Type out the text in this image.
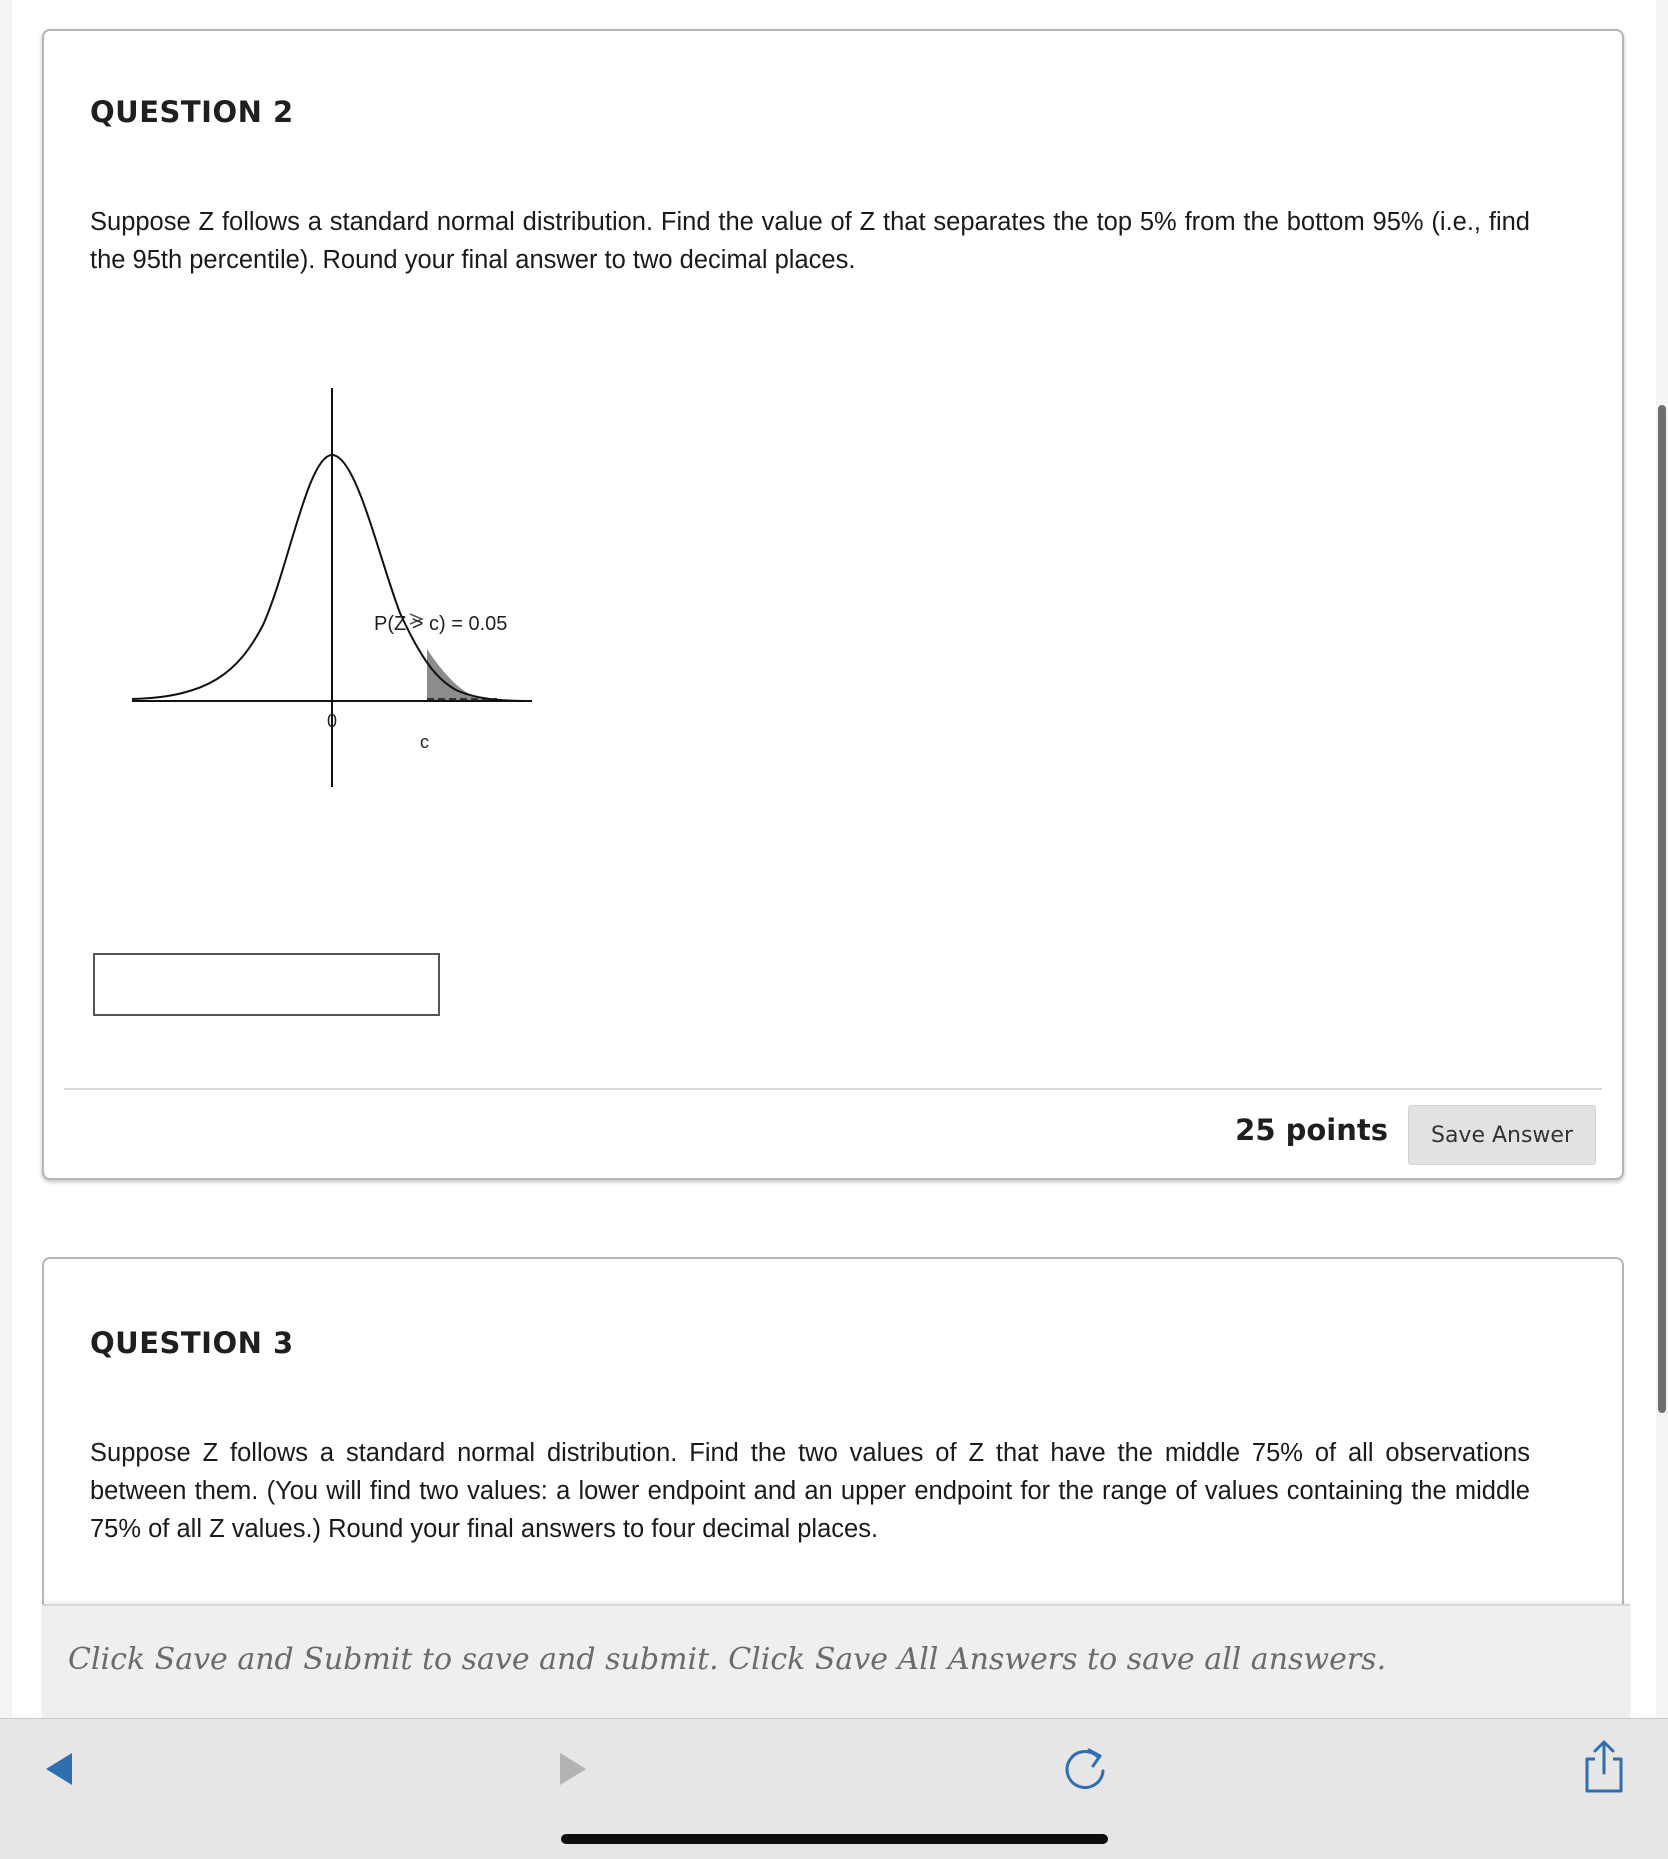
QUESTION 2
Suppose Z follows a standard normal distribution. Find the value of Z that separates the top 5% from the bottom 95% (i.e., find the 95th percentile). Round your final answer to two decimal places.
P(Z > c) = 0.05
0
c
25 points	Save Answer
QUESTION 3
Suppose Z follows a standard normal distribution. Find the two values of Z that have the middle 75% of all observations between them. (You will find two values: a lower endpoint and an upper endpoint for the range of values containing the middle 75% of all Z values.) Round your final answers to four decimal places.
Click Save and Submit to save and submit. Click Save All Answers to save all answers.
